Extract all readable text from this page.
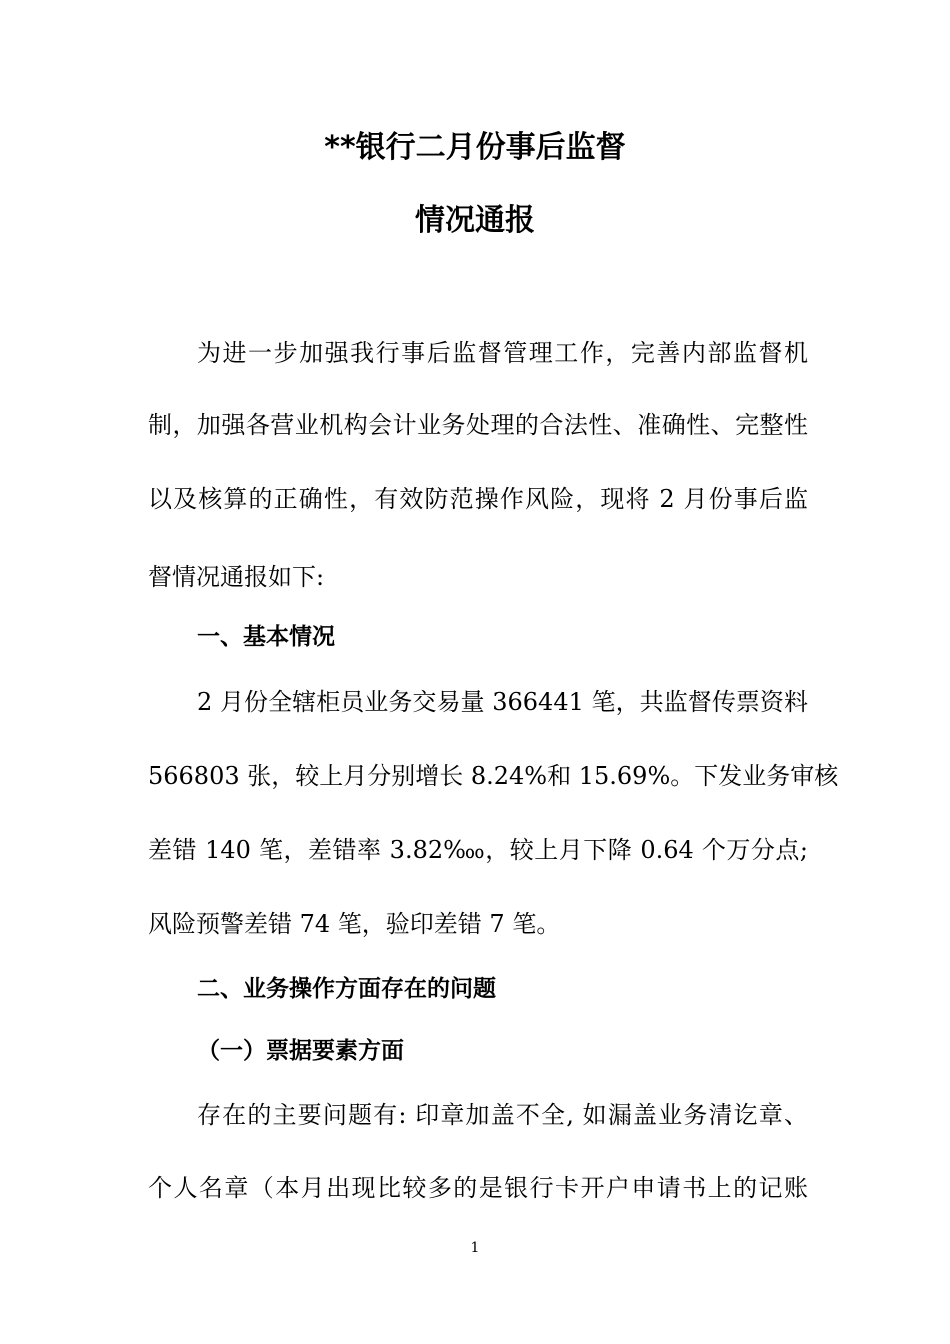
**银行二月份事后监督
情况通报
为进一步加强我行事后监督管理工作，完善内部监督机
制，加强各营业机构会计业务处理的合法性、准确性、完整性
以及核算的正确性，有效防范操作风险，现将 2 月份事后监
督情况通报如下:
一、基本情况
2 月份全辖柜员业务交易量 366441 笔，共监督传票资料
566803 张，较上月分别增长 8.24%和 15.69%。下发业务审核
差错 140 笔，差错率 3.82‱，较上月下降 0.64 个万分点;
风险预警差错 74 笔，验印差错 7 笔。
二、业务操作方面存在的问题
（一）票据要素方面
存在的主要问题有: 印章加盖不全, 如漏盖业务清讫章、
个人名章（本月出现比较多的是银行卡开户申请书上的记账
1
